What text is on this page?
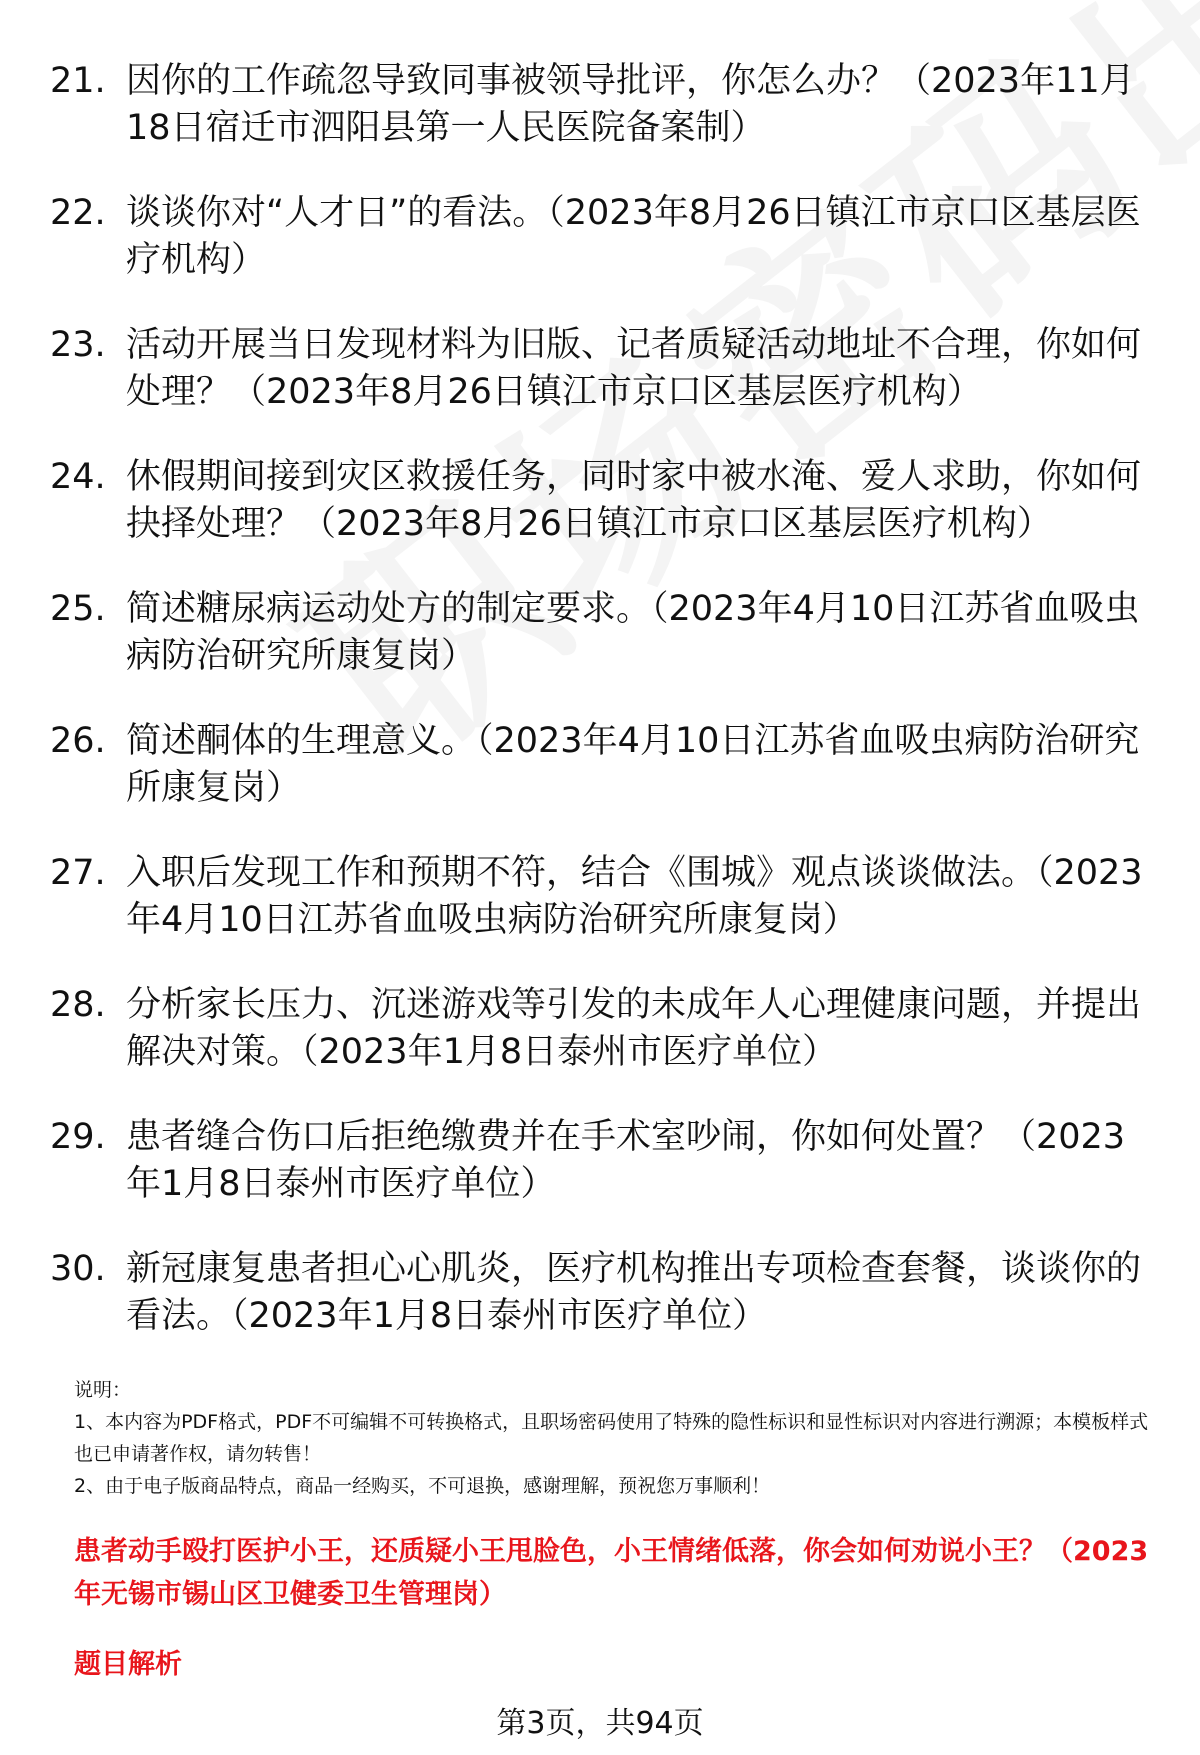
21. 因你的工作疏忽导致同事被领导批评，你怎么办？（2023年11月18日宿迁市泗阳县第一人民医院备案制）
22. 谈谈你对“人才日”的看法。（2023年8月26日镇江市京口区基层医疗机构）
23. 活动开展当日发现材料为旧版、记者质疑活动地址不合理，你如何处理？（2023年8月26日镇江市京口区基层医疗机构）
24. 休假期间接到灾区救援任务，同时家中被水淹、爱人求助，你如何抉择处理？（2023年8月26日镇江市京口区基层医疗机构）
25. 简述糖尿病运动处方的制定要求。（2023年4月10日江苏省血吸虫病防治研究所康复岗）
26. 简述酮体的生理意义。（2023年4月10日江苏省血吸虫病防治研究所康复岗）
27. 入职后发现工作和预期不符，结合《围城》观点谈谈做法。（2023年4月10日江苏省血吸虫病防治研究所康复岗）
28. 分析家长压力、沉迷游戏等引发的未成年人心理健康问题，并提出解决对策。（2023年1月8日泰州市医疗单位）
29. 患者缝合伤口后拒绝缴费并在手术室吵闹，你如何处置？（2023年1月8日泰州市医疗单位）
30. 新冠康复患者担心心肌炎，医疗机构推出专项检查套餐，谈谈你的看法。（2023年1月8日泰州市医疗单位）
说明：
1、本内容为PDF格式，PDF不可编辑不可转换格式，且职场密码使用了特殊的隐性标识和显性标识对内容进行溯源；本模板样式也已申请著作权，请勿转售！
2、由于电子版商品特点，商品一经购买，不可退换，感谢理解，预祝您万事顺利！
患者动手殴打医护小王，还质疑小王甩脸色，小王情绪低落，你会如何劝说小王？（2023年无锡市锡山区卫健委卫生管理岗）
题目解析
第3页，共94页
